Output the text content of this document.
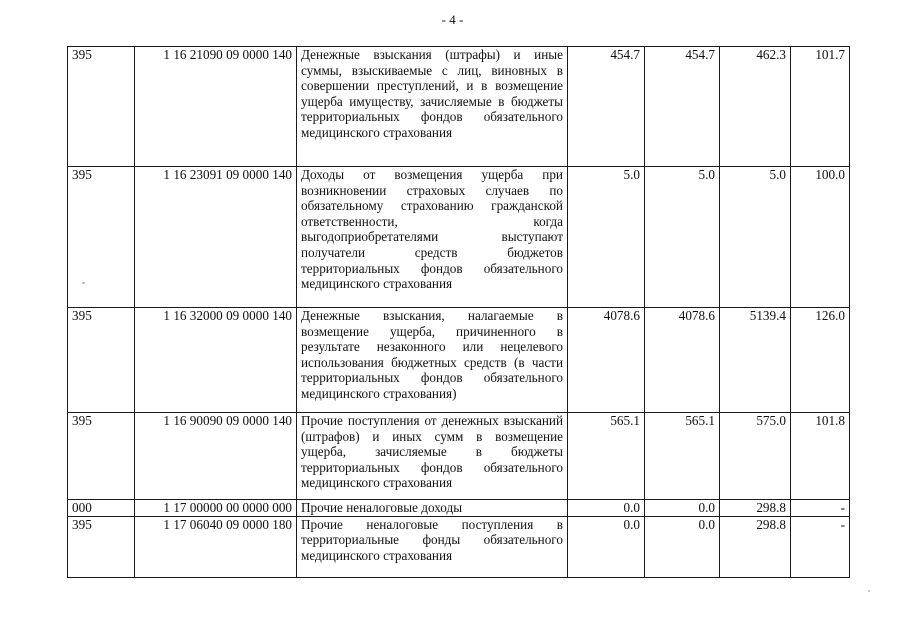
- 4 -
395	1 16 21090 09 0000 140	Денежные взыскания (штрафы) и иные суммы, взыскиваемые с лиц, виновных в совершении преступлений, и в возмещение ущерба имуществу, зачисляемые в бюджеты территориальных фондов обязательного медицинского страхования	454.7	454.7	462.3	101.7
395	1 16 23091 09 0000 140	Доходы от возмещения ущерба при возникновении страховых случаев по обязательному страхованию гражданской ответственности, когда выгодоприобретателями выступают получатели средств бюджетов территориальных фондов обязательного медицинского страхования	5.0	5.0	5.0	100.0
395	1 16 32000 09 0000 140	Денежные взыскания, налагаемые в возмещение ущерба, причиненного в результате незаконного или нецелевого использования бюджетных средств (в части территориальных фондов обязательного медицинского страхования)	4078.6	4078.6	5139.4	126.0
395	1 16 90090 09 0000 140	Прочие поступления от денежных взысканий (штрафов) и иных сумм в возмещение ущерба, зачисляемые в бюджеты территориальных фондов обязательного медицинского страхования	565.1	565.1	575.0	101.8
000	1 17 00000 00 0000 000	Прочие неналоговые доходы	0.0	0.0	298.8	-
395	1 17 06040 09 0000 180	Прочие неналоговые поступления в территориальные фонды обязательного медицинского страхования	0.0	0.0	298.8	-
